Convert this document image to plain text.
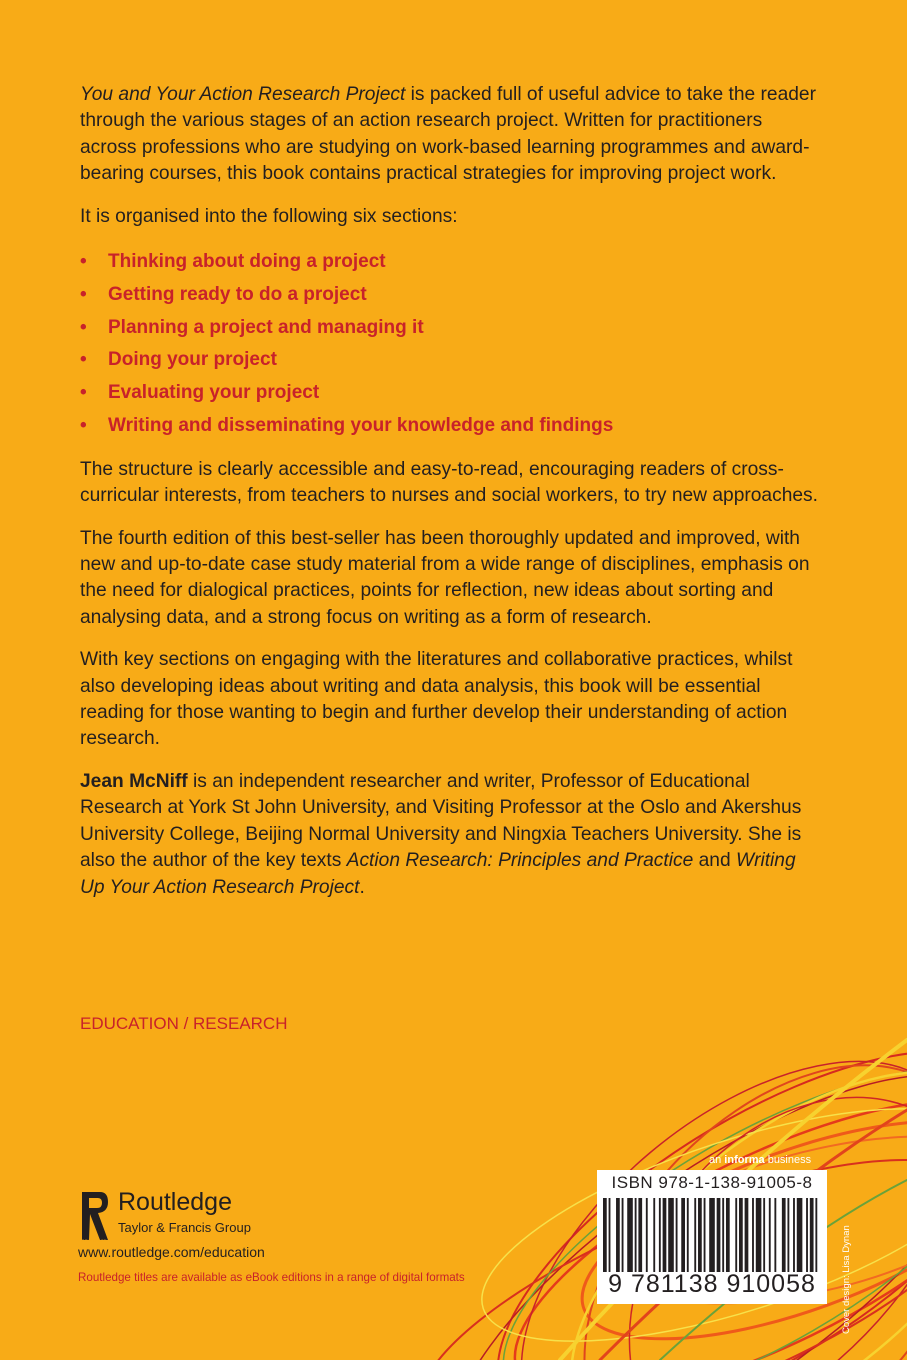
You and Your Action Research Project is packed full of useful advice to take the reader through the various stages of an action research project. Written for practitioners across professions who are studying on work-based learning programmes and award-bearing courses, this book contains practical strategies for improving project work.

It is organised into the following six sections:

• Thinking about doing a project
• Getting ready to do a project
• Planning a project and managing it
• Doing your project
• Evaluating your project
• Writing and disseminating your knowledge and findings

The structure is clearly accessible and easy-to-read, encouraging readers of cross-curricular interests, from teachers to nurses and social workers, to try new approaches.

The fourth edition of this best-seller has been thoroughly updated and improved, with new and up-to-date case study material from a wide range of disciplines, emphasis on the need for dialogical practices, points for reflection, new ideas about sorting and analysing data, and a strong focus on writing as a form of research.

With key sections on engaging with the literatures and collaborative practices, whilst also developing ideas about writing and data analysis, this book will be essential reading for those wanting to begin and further develop their understanding of action research.

Jean McNiff is an independent researcher and writer, Professor of Educational Research at York St John University, and Visiting Professor at the Oslo and Akershus University College, Beijing Normal University and Ningxia Teachers University. She is also the author of the key texts Action Research: Principles and Practice and Writing Up Your Action Research Project.

EDUCATION / RESEARCH
ROUTLEDGE
Routledge
Taylor & Francis Group
www.routledge.com/education
Routledge titles are available as eBook editions in a range of digital formats
an informa business
ISBN 978-1-138-91005-8
9 781138 910058	Cover design: Lisa Dynan
